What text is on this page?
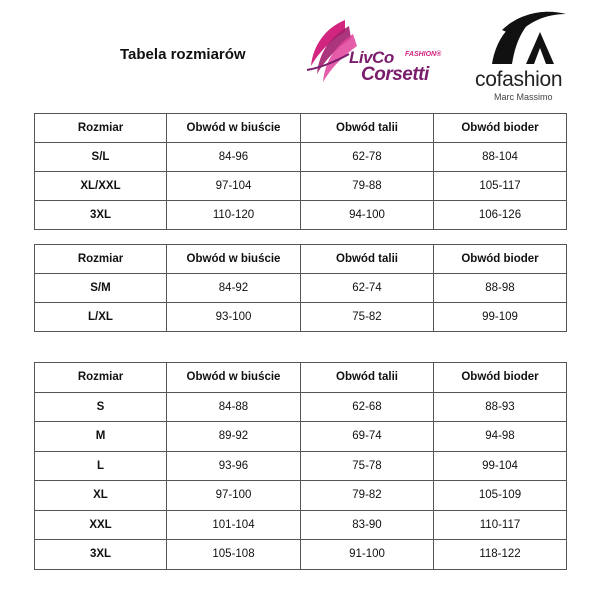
Tabela rozmiarów	LivCo FASHION®
Corsetti cofashion
Marc Massimo
Rozmiar	Obwód w biuście	Obwód talii	Obwód bioder
S/L	84-96	62-78	88-104
XL/XXL	97-104	79-88	105-117
3XL	110-120	94-100	106-126
Rozmiar	Obwód w biuście	Obwód talii	Obwód bioder
S/M	84-92	62-74	88-98
L/XL	93-100	75-82	99-109
Rozmiar	Obwód w biuście	Obwód talii	Obwód bioder
S	84-88	62-68	88-93
M	89-92	69-74	94-98
L	93-96	75-78	99-104
XL	97-100	79-82	105-109
XXL	101-104	83-90	110-117
3XL	105-108	91-100	118-122
